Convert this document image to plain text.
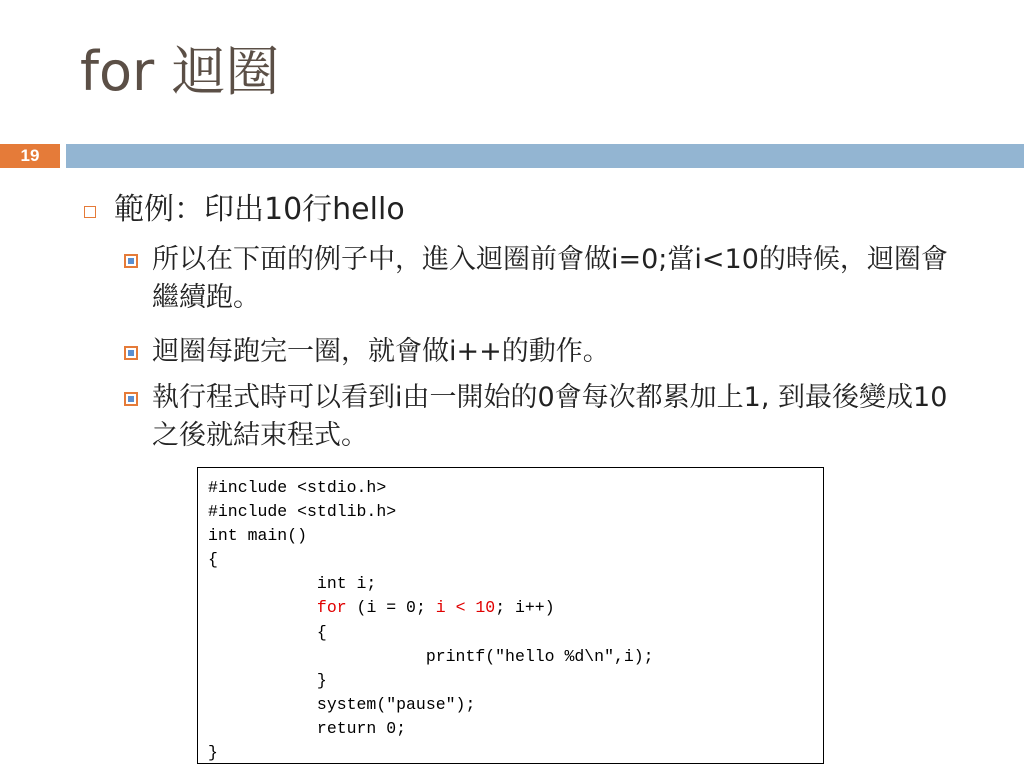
for 迴圈
19
範例：印出10行hello
所以在下面的例子中，進入迴圈前會做i=0;當i<10的時候，迴圈會繼續跑。
迴圈每跑完一圈，就會做i++的動作。
執行程式時可以看到i由一開始的0會每次都累加上1, 到最後變成10之後就結束程式。
#include <stdio.h>
#include <stdlib.h>
int main()
{
int i;
for (i = 0; i < 10; i++)
{
printf("hello %d\n",i);
}
system("pause");
return 0;
}
